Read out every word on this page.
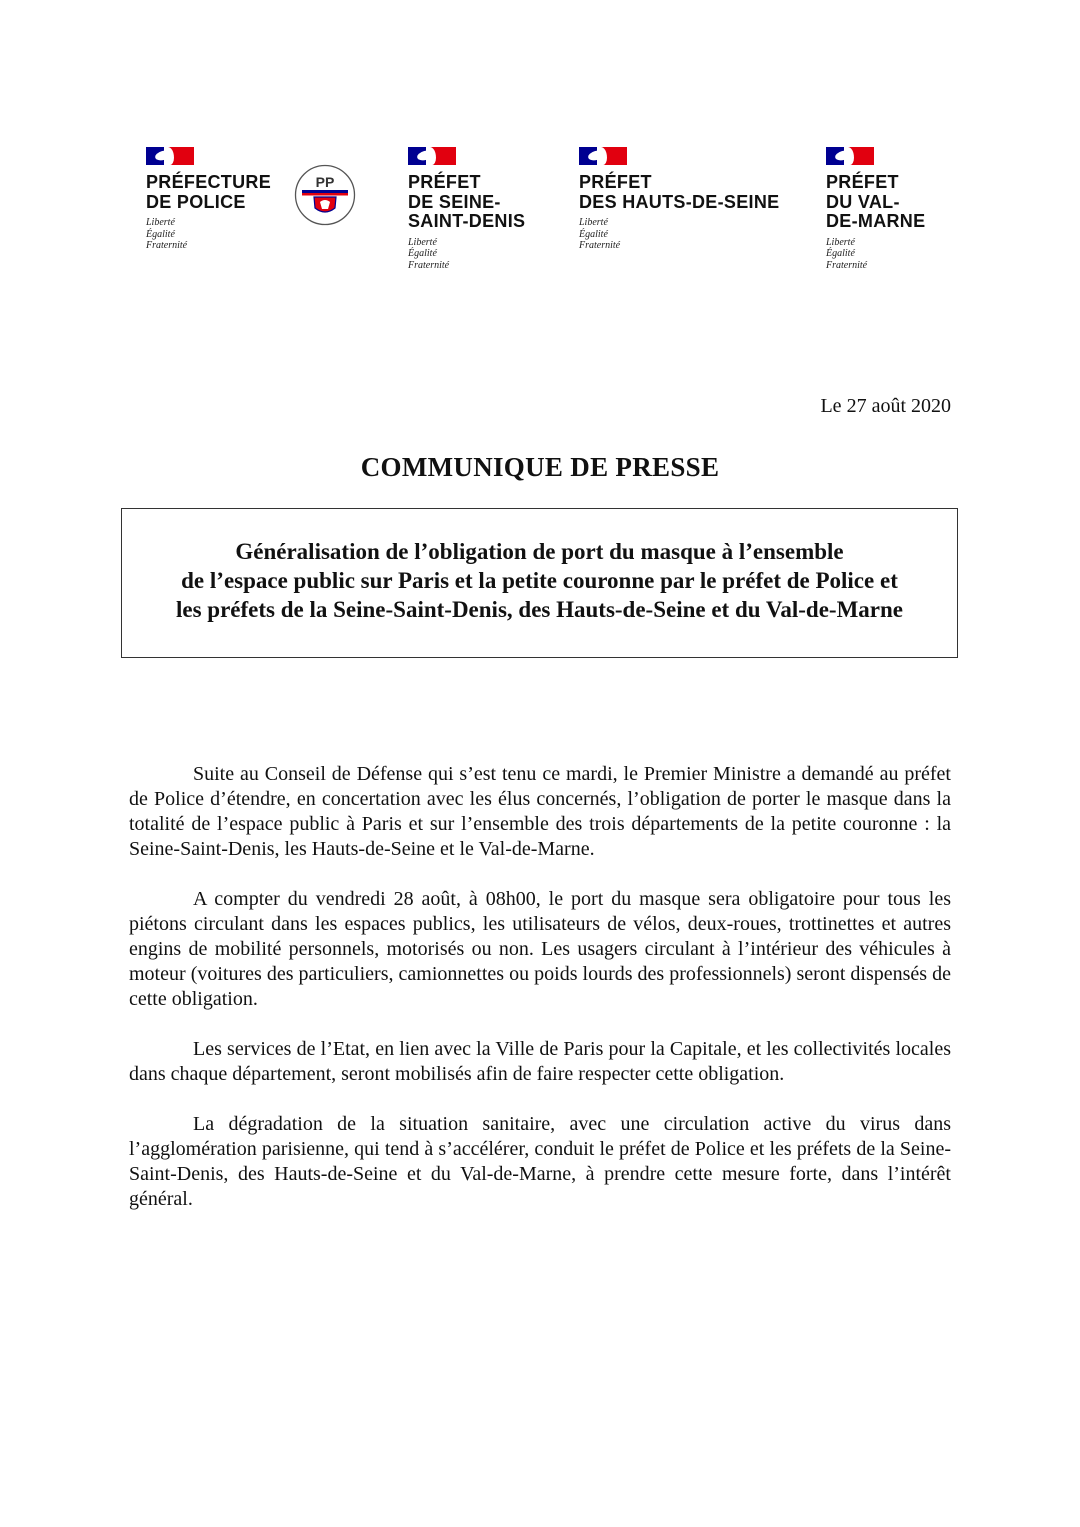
PRÉFECTURE
DE POLICE
Liberté
Égalité
Fraternité
PP	PRÉFET
DE SEINE-
SAINT-DENIS
Liberté
Égalité
Fraternité
PRÉFET
DES HAUTS-DE-SEINE
Liberté
Égalité
Fraternité
PRÉFET
DU VAL-
DE-MARNE
Liberté
Égalité
Fraternité
Le 27 août 2020
COMMUNIQUE DE PRESSE
Généralisation de l’obligation de port du masque à l’ensemble
de l’espace public sur Paris et la petite couronne par le préfet de Police et
les préfets de la Seine-Saint-Denis, des Hauts-de-Seine et du Val-de-Marne

Suite au Conseil de Défense qui s’est tenu ce mardi, le Premier Ministre a demandé au préfet de Police d’étendre, en concertation avec les élus concernés, l’obligation de porter le masque dans la totalité de l’espace public à Paris et sur l’ensemble des trois départements de la petite couronne : la Seine-Saint-Denis, les Hauts-de-Seine et le Val-de-Marne.

A compter du vendredi 28 août, à 08h00, le port du masque sera obligatoire pour tous les piétons circulant dans les espaces publics, les utilisateurs de vélos, deux-roues, trottinettes et autres engins de mobilité personnels, motorisés ou non. Les usagers circulant à l’intérieur des véhicules à moteur (voitures des particuliers, camionnettes ou poids lourds des professionnels) seront dispensés de cette obligation.

Les services de l’Etat, en lien avec la Ville de Paris pour la Capitale, et les collectivités locales dans chaque département, seront mobilisés afin de faire respecter cette obligation.

La dégradation de la situation sanitaire, avec une circulation active du virus dans l’agglomération parisienne, qui tend à s’accélérer, conduit le préfet de Police et les préfets de la Seine-Saint-Denis, des Hauts-de-Seine et du Val-de-Marne, à prendre cette mesure forte, dans l’intérêt général.
